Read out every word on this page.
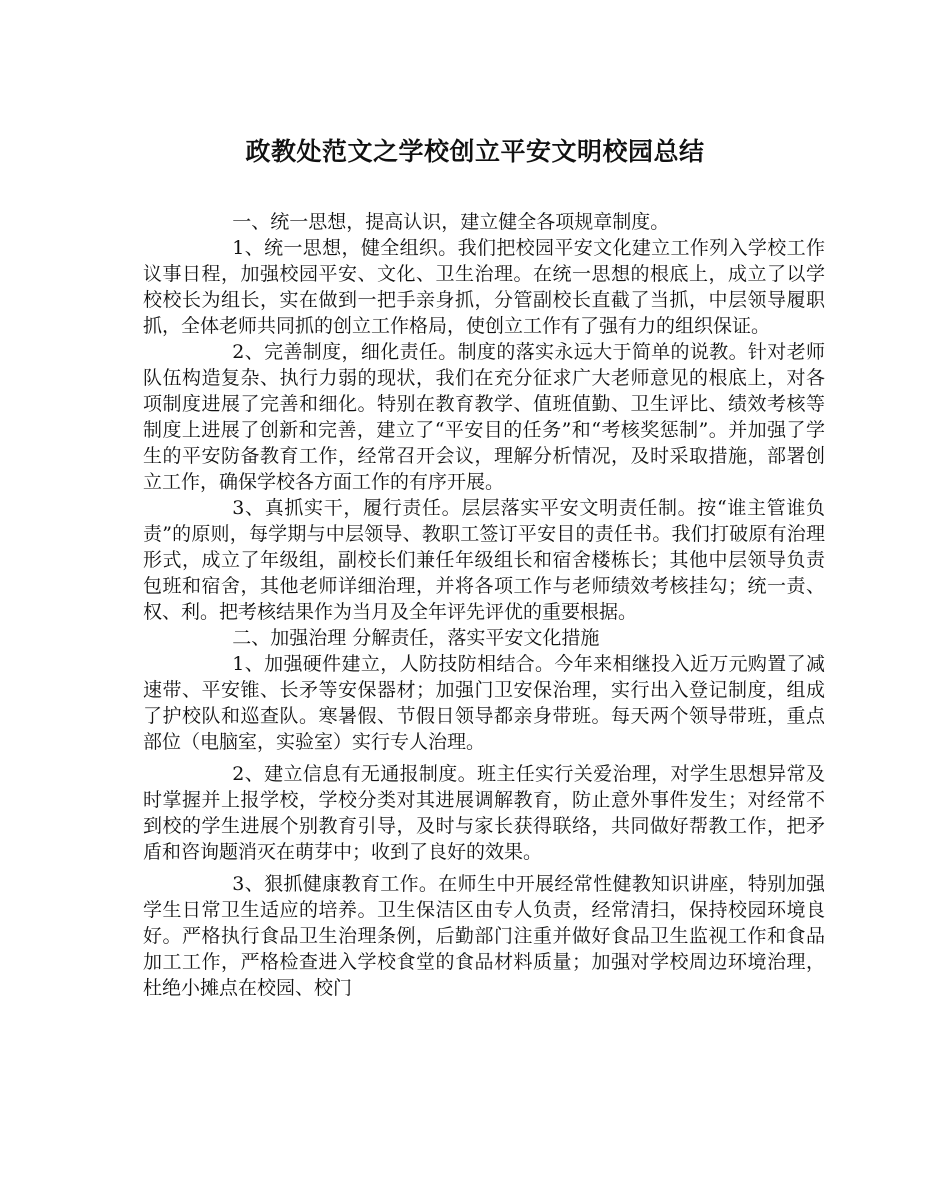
政教处范文之学校创立平安文明校园总结

一、统一思想，提高认识，建立健全各项规章制度。

1、统一思想，健全组织。我们把校园平安文化建立工作列入学校工作议事日程，加强校园平安、文化、卫生治理。在统一思想的根底上，成立了以学校校长为组长，实在做到一把手亲身抓，分管副校长直截了当抓，中层领导履职抓，全体老师共同抓的创立工作格局，使创立工作有了强有力的组织保证。

2、完善制度，细化责任。制度的落实永远大于简单的说教。针对老师队伍构造复杂、执行力弱的现状，我们在充分征求广大老师意见的根底上，对各项制度进展了完善和细化。特别在教育教学、值班值勤、卫生评比、绩效考核等制度上进展了创新和完善，建立了“平安目的任务”和“考核奖惩制”。并加强了学生的平安防备教育工作，经常召开会议，理解分析情况，及时采取措施，部署创立工作，确保学校各方面工作的有序开展。

3、真抓实干，履行责任。层层落实平安文明责任制。按“谁主管谁负责”的原则，每学期与中层领导、教职工签订平安目的责任书。我们打破原有治理形式，成立了年级组，副校长们兼任年级组长和宿舍楼栋长；其他中层领导负责包班和宿舍，其他老师详细治理，并将各项工作与老师绩效考核挂勾；统一责、权、利。把考核结果作为当月及全年评先评优的重要根据。

二、加强治理 分解责任，落实平安文化措施

1、加强硬件建立，人防技防相结合。今年来相继投入近万元购置了减速带、平安锥、长矛等安保器材；加强门卫安保治理，实行出入登记制度，组成了护校队和巡查队。寒暑假、节假日领导都亲身带班。每天两个领导带班，重点部位（电脑室，实验室）实行专人治理。

2、建立信息有无通报制度。班主任实行关爱治理，对学生思想异常及时掌握并上报学校，学校分类对其进展调解教育，防止意外事件发生；对经常不到校的学生进展个别教育引导，及时与家长获得联络，共同做好帮教工作，把矛盾和咨询题消灭在萌芽中；收到了良好的效果。

3、狠抓健康教育工作。在师生中开展经常性健教知识讲座，特别加强学生日常卫生适应的培养。卫生保洁区由专人负责，经常清扫，保持校园环境良好。严格执行食品卫生治理条例，后勤部门注重并做好食品卫生监视工作和食品加工工作，严格检查进入学校食堂的食品材料质量；加强对学校周边环境治理，杜绝小摊点在校园、校门
